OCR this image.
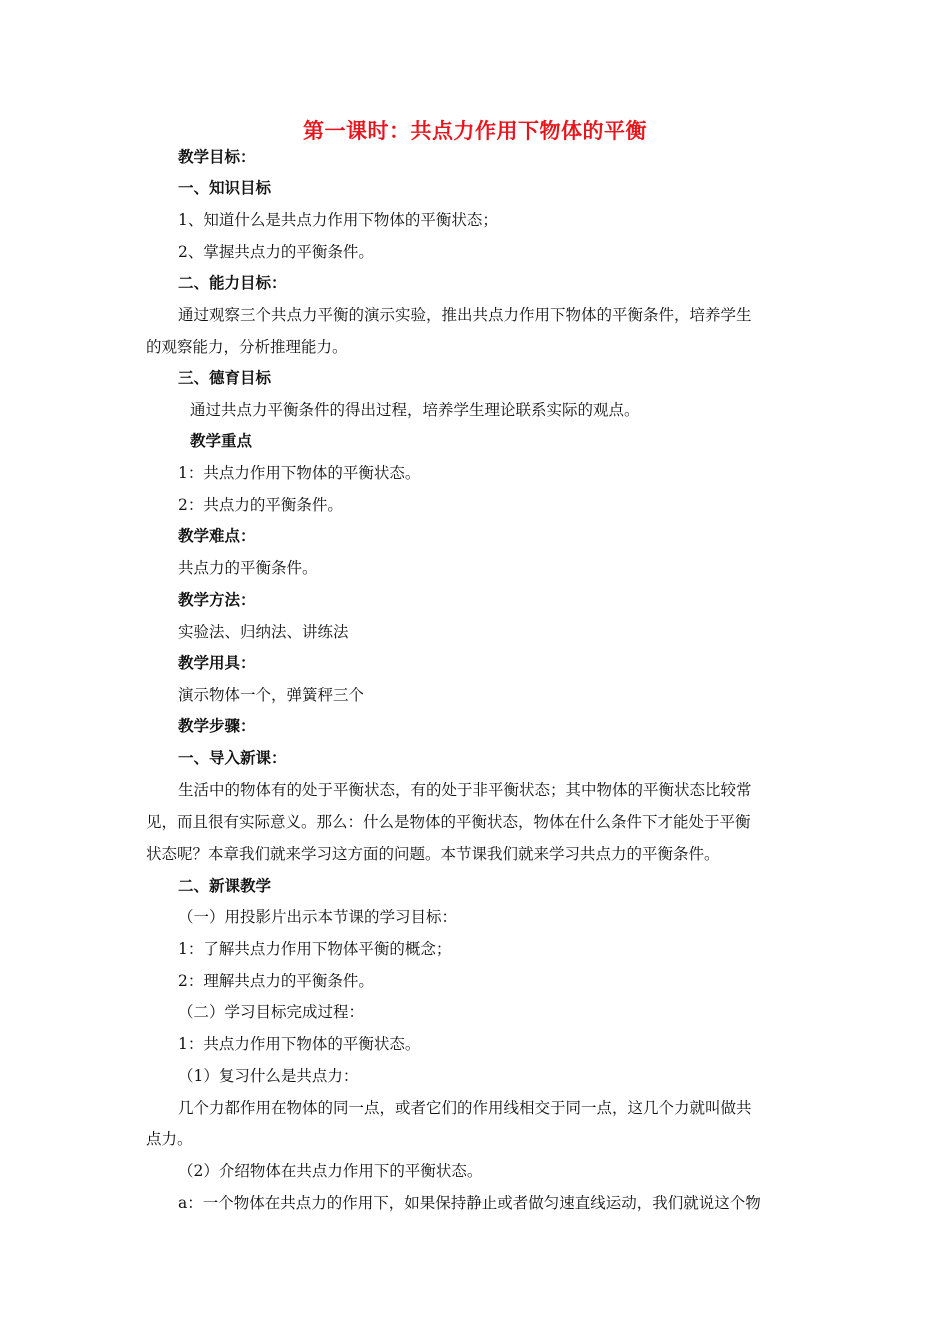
第一课时：共点力作用下物体的平衡
教学目标：
一、知识目标
1、知道什么是共点力作用下物体的平衡状态；
2、掌握共点力的平衡条件。
二、能力目标：
通过观察三个共点力平衡的演示实验，推出共点力作用下物体的平衡条件，培养学生
的观察能力，分析推理能力。
三、德育目标
通过共点力平衡条件的得出过程，培养学生理论联系实际的观点。
教学重点
1：共点力作用下物体的平衡状态。
2：共点力的平衡条件。
教学难点：
共点力的平衡条件。
教学方法：
实验法、归纳法、讲练法
教学用具：
演示物体一个，弹簧秤三个
教学步骤：
一、导入新课：
生活中的物体有的处于平衡状态，有的处于非平衡状态；其中物体的平衡状态比较常
见，而且很有实际意义。那么：什么是物体的平衡状态，物体在什么条件下才能处于平衡
状态呢？本章我们就来学习这方面的问题。本节课我们就来学习共点力的平衡条件。
二、新课教学
（一）用投影片出示本节课的学习目标：
1：了解共点力作用下物体平衡的概念；
2：理解共点力的平衡条件。
（二）学习目标完成过程：
1：共点力作用下物体的平衡状态。
（1）复习什么是共点力：
几个力都作用在物体的同一点，或者它们的作用线相交于同一点，这几个力就叫做共
点力。
（2）介绍物体在共点力作用下的平衡状态。
a：一个物体在共点力的作用下，如果保持静止或者做匀速直线运动，我们就说这个物
